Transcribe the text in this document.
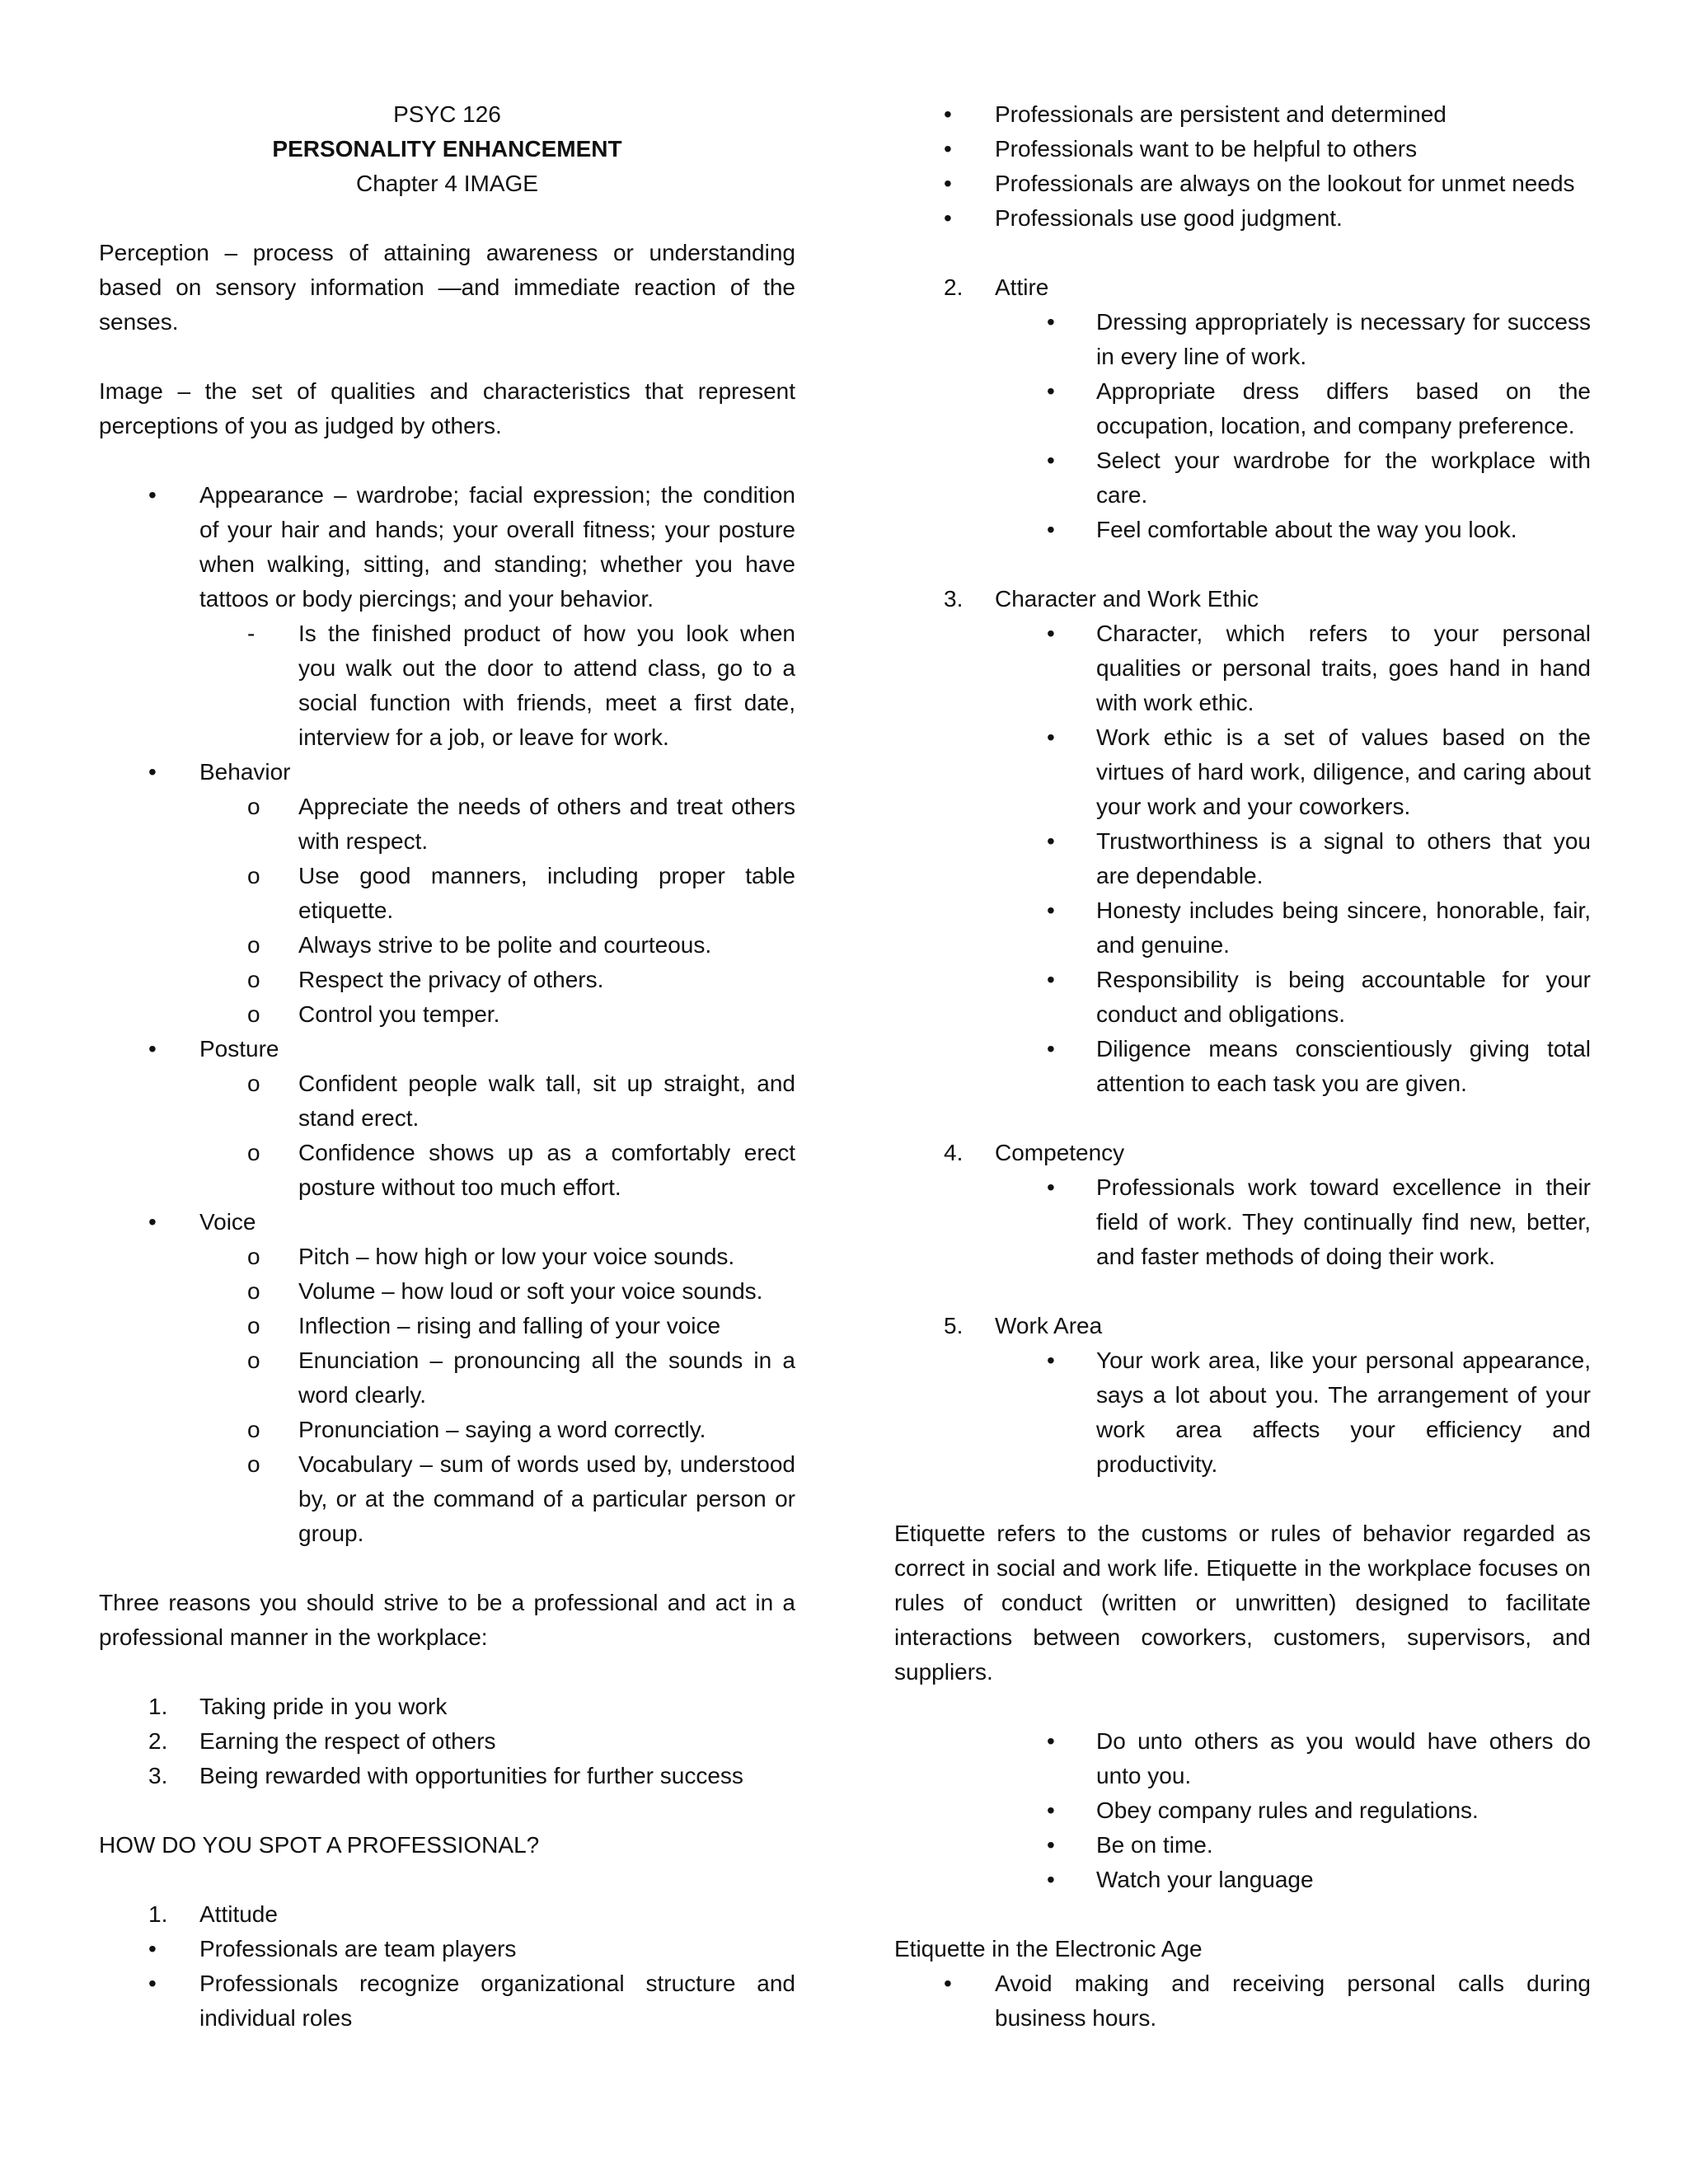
PSYC 126

PERSONALITY ENHANCEMENT

Chapter 4 IMAGE

Perception – process of attaining awareness or understanding based on sensory information —and immediate reaction of the senses.

Image – the set of qualities and characteristics that represent perceptions of you as judged by others.

• Appearance – wardrobe; facial expression; the condition of your hair and hands; your overall fitness; your posture when walking, sitting, and standing; whether you have tattoos or body piercings; and your behavior.
- Is the finished product of how you look when you walk out the door to attend class, go to a social function with friends, meet a first date, interview for a job, or leave for work.
• Behavior
o Appreciate the needs of others and treat others with respect.
o Use good manners, including proper table etiquette.
o Always strive to be polite and courteous.
o Respect the privacy of others.
o Control you temper.
• Posture
o Confident people walk tall, sit up straight, and stand erect.
o Confidence shows up as a comfortably erect posture without too much effort.
• Voice
o Pitch – how high or low your voice sounds.
o Volume – how loud or soft your voice sounds.
o Inflection – rising and falling of your voice
o Enunciation – pronouncing all the sounds in a word clearly.
o Pronunciation – saying a word correctly.
o Vocabulary – sum of words used by, understood by, or at the command of a particular person or group.

Three reasons you should strive to be a professional and act in a professional manner in the workplace:

1. Taking pride in you work
2. Earning the respect of others
3. Being rewarded with opportunities for further success

HOW DO YOU SPOT A PROFESSIONAL?

1. Attitude
• Professionals are team players
• Professionals recognize organizational structure and individual roles
• Professionals are persistent and determined
• Professionals want to be helpful to others
• Professionals are always on the lookout for unmet needs
• Professionals use good judgment.
2. Attire
• Dressing appropriately is necessary for success in every line of work.
• Appropriate dress differs based on the occupation, location, and company preference.
• Select your wardrobe for the workplace with care.
• Feel comfortable about the way you look.
3. Character and Work Ethic
• Character, which refers to your personal qualities or personal traits, goes hand in hand with work ethic.
• Work ethic is a set of values based on the virtues of hard work, diligence, and caring about your work and your coworkers.
• Trustworthiness is a signal to others that you are dependable.
• Honesty includes being sincere, honorable, fair, and genuine.
• Responsibility is being accountable for your conduct and obligations.
• Diligence means conscientiously giving total attention to each task you are given.
4. Competency
• Professionals work toward excellence in their field of work. They continually find new, better, and faster methods of doing their work.
5. Work Area
• Your work area, like your personal appearance, says a lot about you. The arrangement of your work area affects your efficiency and productivity.

Etiquette refers to the customs or rules of behavior regarded as correct in social and work life. Etiquette in the workplace focuses on rules of conduct (written or unwritten) designed to facilitate interactions between coworkers, customers, supervisors, and suppliers.

• Do unto others as you would have others do unto you.
• Obey company rules and regulations.
• Be on time.
• Watch your language

Etiquette in the Electronic Age

• Avoid making and receiving personal calls during business hours.
